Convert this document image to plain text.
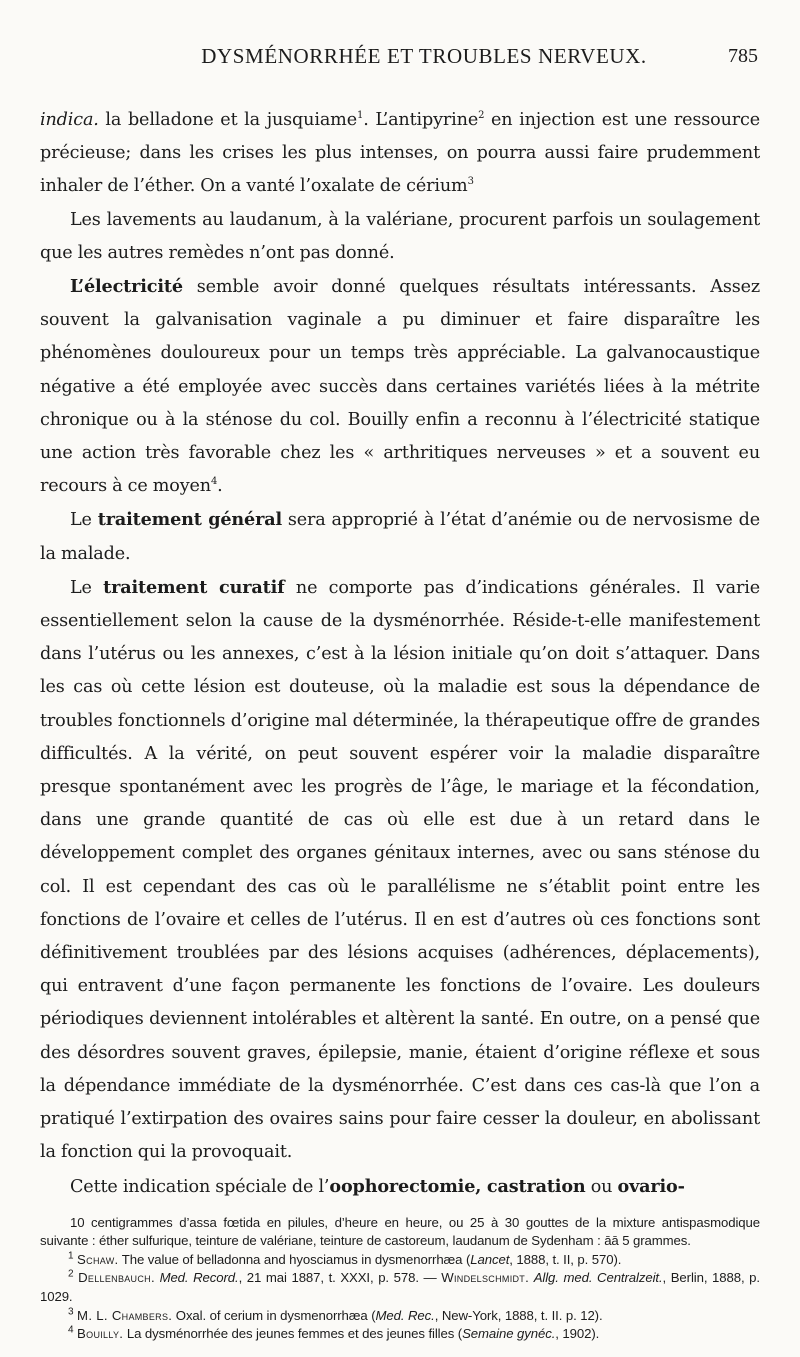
DYSMÉNORRHÉE ET TROUBLES NERVEUX.	785

indica. la belladone et la jusquiame$^1$. L’antipyrine$^2$ en injection est une ressource précieuse; dans les crises les plus intenses, on pourra aussi faire prudemment inhaler de l’éther. On a vanté l’oxalate de cérium$^3$

Les lavements au laudanum, à la valériane, procurent parfois un soulagement que les autres remèdes n’ont pas donné.

L’électricité semble avoir donné quelques résultats intéressants. Assez souvent la galvanisation vaginale a pu diminuer et faire disparaître les phénomènes douloureux pour un temps très appréciable. La galvanocaustique négative a été employée avec succès dans certaines variétés liées à la métrite chronique ou à la sténose du col. Bouilly enfin a reconnu à l’électricité statique une action très favorable chez les « arthritiques nerveuses » et a souvent eu recours à ce moyen$^4$.

Le traitement général sera approprié à l’état d’anémie ou de nervosisme de la malade.

Le traitement curatif ne comporte pas d’indications générales. Il varie essentiellement selon la cause de la dysménorrhée. Réside-t-elle manifestement dans l’utérus ou les annexes, c’est à la lésion initiale qu’on doit s’attaquer. Dans les cas où cette lésion est douteuse, où la maladie est sous la dépendance de troubles fonctionnels d’origine mal déterminée, la thérapeutique offre de grandes difficultés. A la vérité, on peut souvent espérer voir la maladie disparaître presque spontanément avec les progrès de l’âge, le mariage et la fécondation, dans une grande quantité de cas où elle est due à un retard dans le développement complet des organes génitaux internes, avec ou sans sténose du col. Il est cependant des cas où le parallélisme ne s’établit point entre les fonctions de l’ovaire et celles de l’utérus. Il en est d’autres où ces fonctions sont définitivement troublées par des lésions acquises (adhérences, déplacements), qui entravent d’une façon permanente les fonctions de l’ovaire. Les douleurs périodiques deviennent intolérables et altèrent la santé. En outre, on a pensé que des désordres souvent graves, épilepsie, manie, étaient d’origine réflexe et sous la dépendance immédiate de la dysménorrhée. C’est dans ces cas-là que l’on a pratiqué l’extirpation des ovaires sains pour faire cesser la douleur, en abolissant la fonction qui la provoquait.

Cette indication spéciale de l’oophorectomie, castration ou ovario-

10 centigrammes d’assa fœtida en pilules, d’heure en heure, ou 25 à 30 gouttes de la mixture antispasmodique suivante : éther sulfurique, teinture de valériane, teinture de castoreum, laudanum de Sydenham : āā 5 grammes.

$^1$ Schaw. The value of belladonna and hyosciamus in dysmenorrhæa (Lancet, 1888, t. II, p. 570).

$^2$ Dellenbauch. Med. Record., 21 mai 1887, t. XXXI, p. 578. — Windelschmidt. Allg. med. Centralzeit., Berlin, 1888, p. 1029.

$^3$ M. L. Chambers. Oxal. of cerium in dysmenorrhæa (Med. Rec., New-York, 1888, t. II. p. 12).

$^4$ Bouilly. La dysménorrhée des jeunes femmes et des jeunes filles (Semaine gynéc., 1902).
